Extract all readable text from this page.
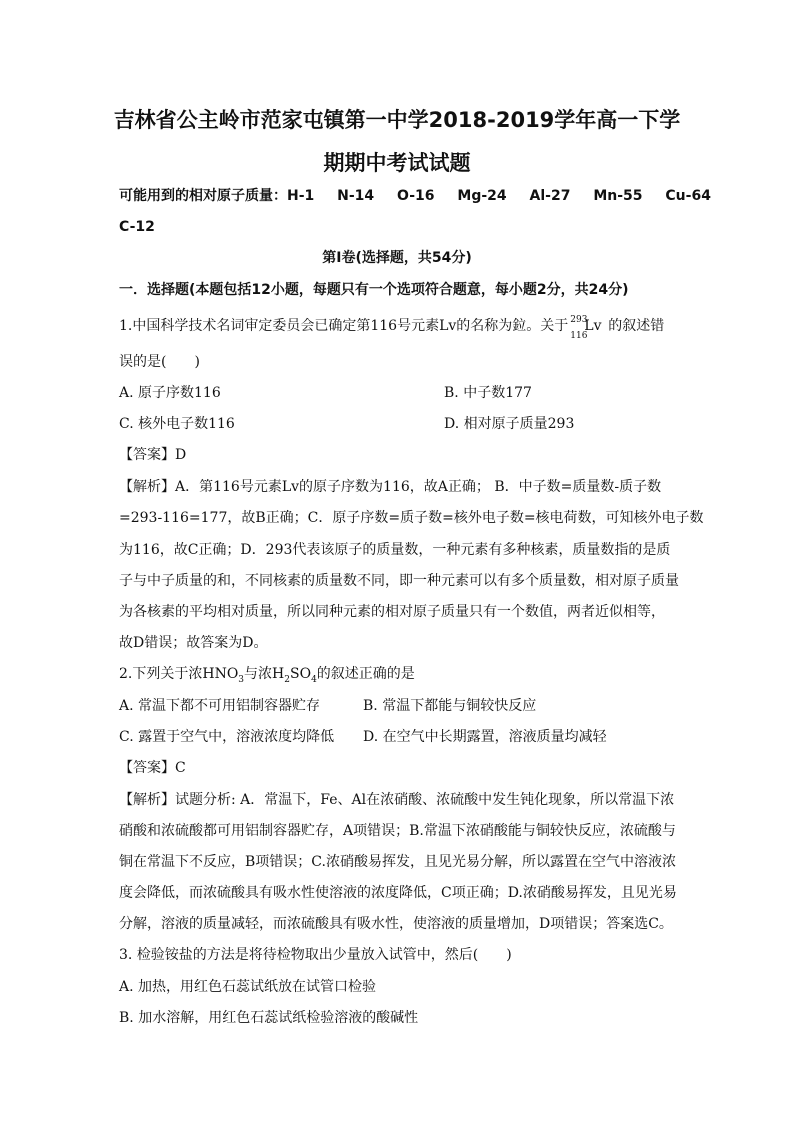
吉林省公主岭市范家屯镇第一中学2018-2019学年高一下学
期期中考试试题
可能用到的相对原子质量：H-1 N-14 O-16 Mg-24 Al-27 Mn-55 Cu-64
C-12
第Ⅰ卷(选择题，共54分)
一．选择题(本题包括12小题，每题只有一个选项符合题意，每小题2分，共24分)
1.中国科学技术名词审定委员会已确定第116号元素Lv的名称为鉝。关于 293
116
Lv 的叙述错
误的是(　　)
A. 原子序数116	B. 中子数177
C. 核外电子数116	D. 相对原子质量293
【答案】D
【解析】A．第116号元素Lv的原子序数为116，故A正确； B．中子数=质量数-质子数
=293-116=177，故B正确；C．原子序数=质子数=核外电子数=核电荷数，可知核外电子数
为116，故C正确；D．293代表该原子的质量数，一种元素有多种核素，质量数指的是质
子与中子质量的和，不同核素的质量数不同，即一种元素可以有多个质量数，相对原子质量
为各核素的平均相对质量，所以同种元素的相对原子质量只有一个数值，两者近似相等，
故D错误；故答案为D。
2.下列关于浓$HNO_3$与浓$H_2SO_4$的叙述正确的是
A. 常温下都不可用铝制容器贮存	B. 常温下都能与铜较快反应
C. 露置于空气中，溶液浓度均降低 D. 在空气中长期露置，溶液质量均减轻
【答案】C
【解析】试题分析: A．常温下，Fe、Al在浓硝酸、浓硫酸中发生钝化现象，所以常温下浓
硝酸和浓硫酸都可用铝制容器贮存，A项错误；B.常温下浓硝酸能与铜较快反应，浓硫酸与
铜在常温下不反应，B项错误；C.浓硝酸易挥发，且见光易分解，所以露置在空气中溶液浓
度会降低，而浓硫酸具有吸水性使溶液的浓度降低，C项正确；D.浓硝酸易挥发，且见光易
分解，溶液的质量减轻，而浓硫酸具有吸水性，使溶液的质量增加，D项错误；答案选C。
3. 检验铵盐的方法是将待检物取出少量放入试管中，然后(　　)
A. 加热，用红色石蕊试纸放在试管口检验
B. 加水溶解，用红色石蕊试纸检验溶液的酸碱性
